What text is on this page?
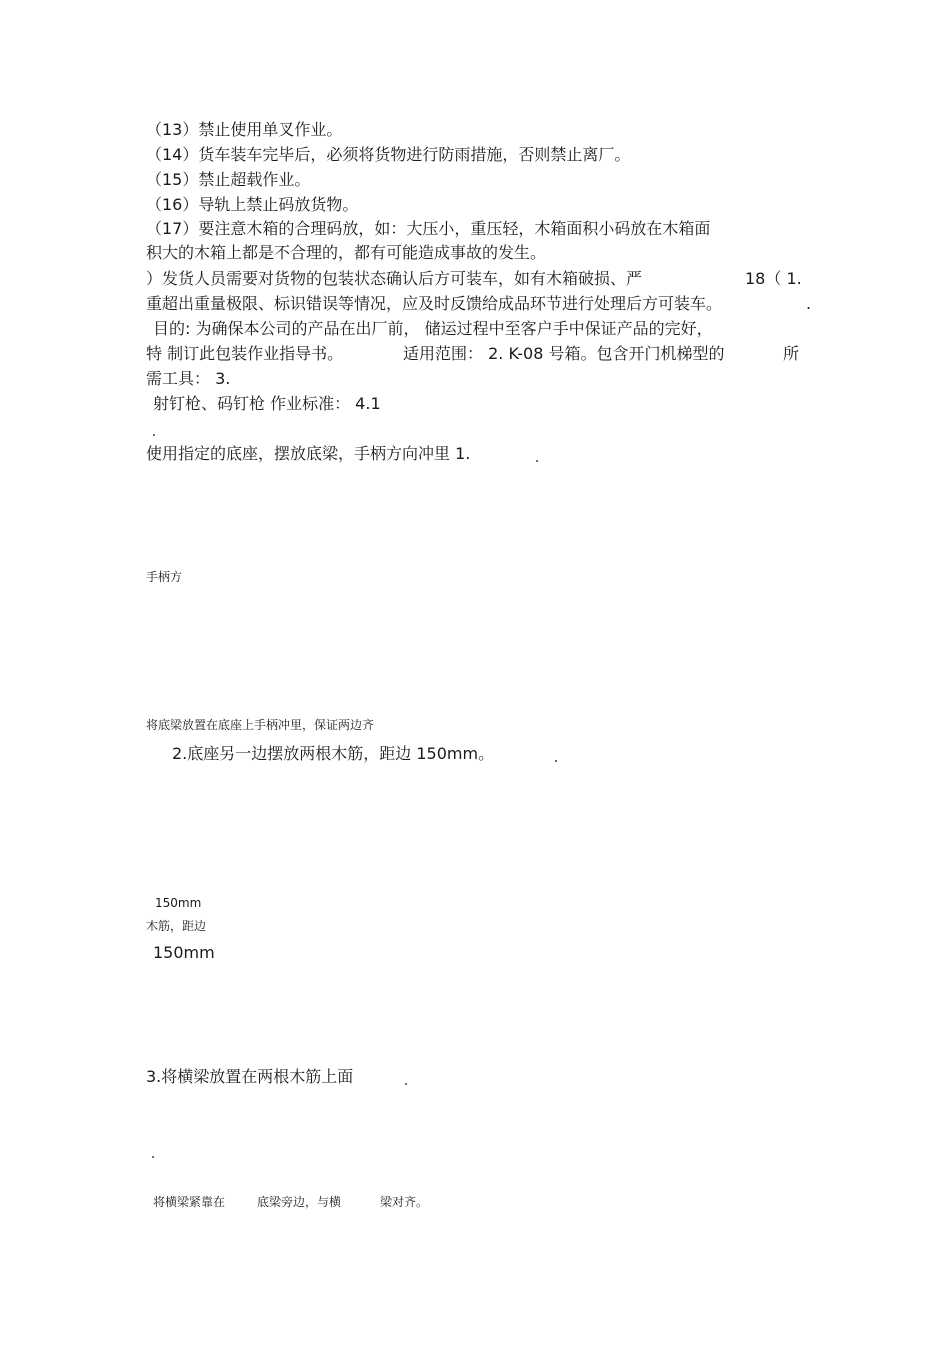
（13）禁止使用单叉作业。
（14）货车装车完毕后，必须将货物进行防雨措施，否则禁止离厂。
（15）禁止超载作业。
（16）导轨上禁止码放货物。
（17）要注意木箱的合理码放，如：大压小，重压轻，木箱面积小码放在木箱面
积大的木箱上都是不合理的，都有可能造成事故的发生。
）发货人员需要对货物的包装状态确认后方可装车，如有木箱破损、严	18（ 1.
重超出重量极限、标识错误等情况，应及时反馈给成品环节进行处理后方可装车。	.
目的: 为确保本公司的产品在出厂前， 储运过程中至客户手中保证产品的完好，
特 制订此包装作业指导书。	适用范围： 2. K-08 号箱。包含开门机梯型的	所
需工具： 3.
射钉枪、码钉枪 作业标准： 4.1
使用指定的底座，摆放底梁，手柄方向冲里 1.
手柄方
将底梁放置在底座上手柄冲里，保证两边齐
2.底座另一边摆放两根木筋，距边 150mm。
150mm
木筋，距边
150mm
3.将横梁放置在两根木筋上面
将横梁紧靠在	底梁旁边，与横	梁对齐。
